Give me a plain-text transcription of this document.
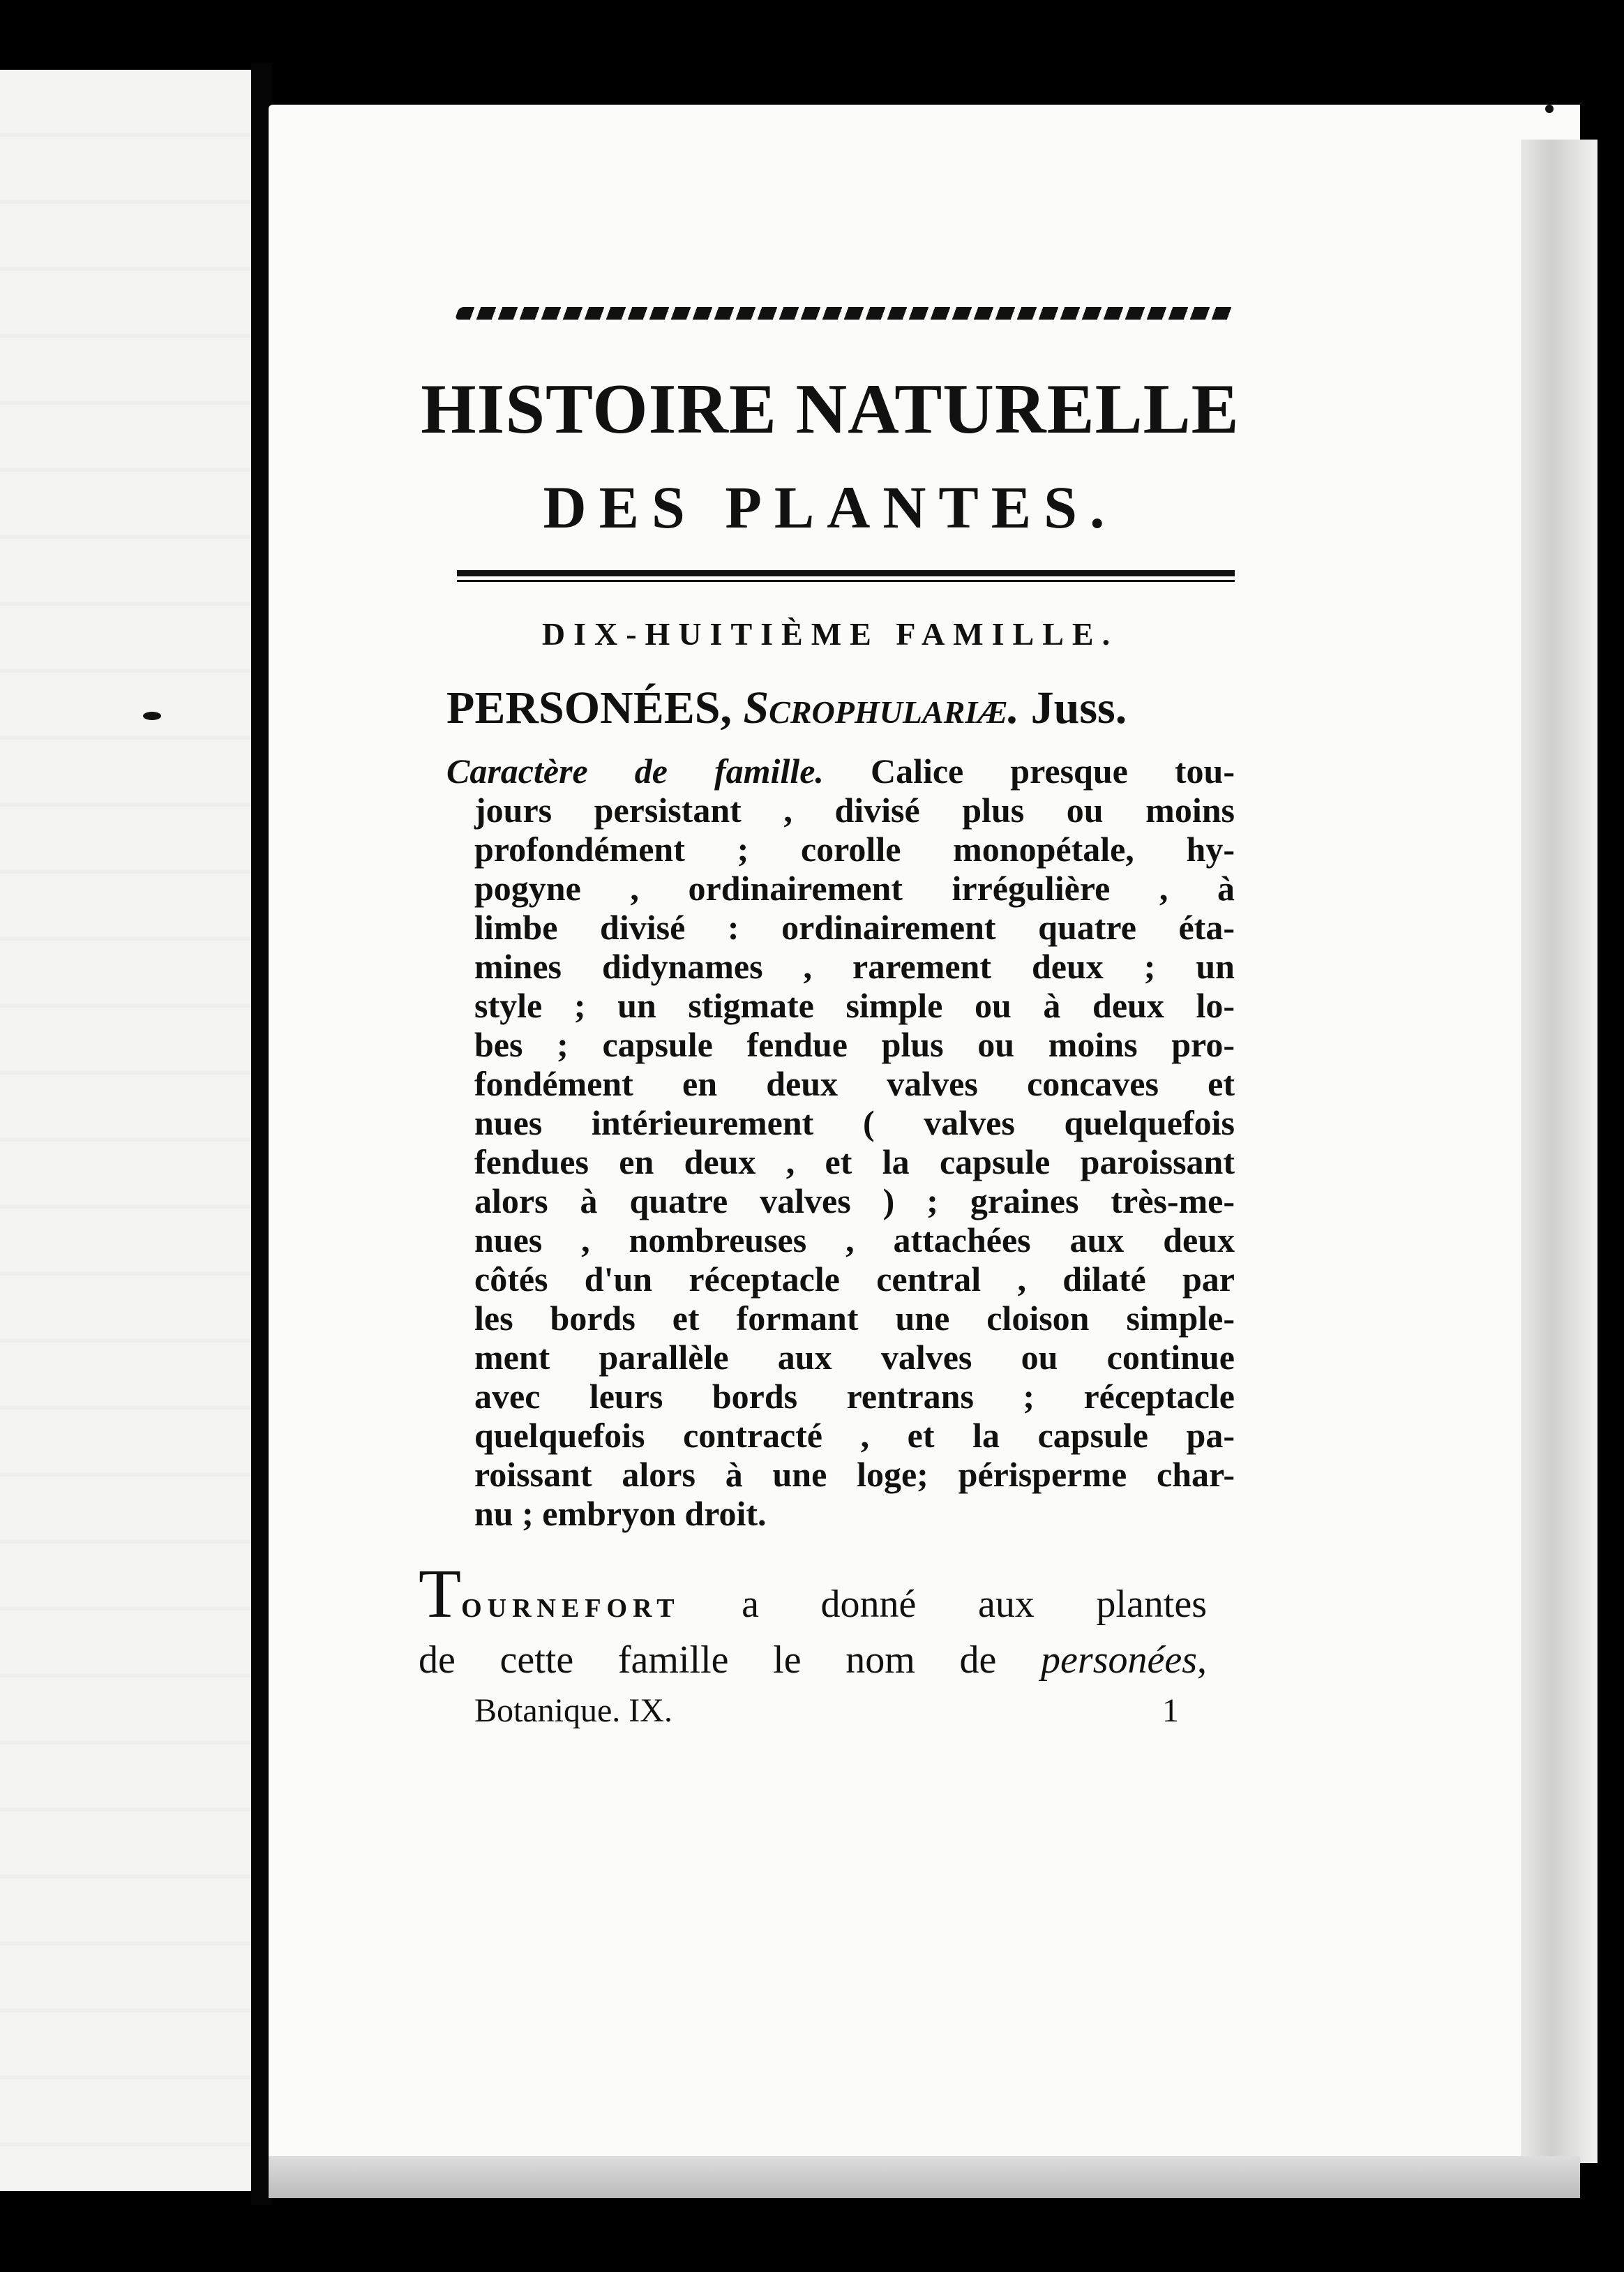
HISTOIRE NATURELLE
DES PLANTES.
DIX-HUITIÈME FAMILLE.
PERSONÉES, Scrophulariæ. Juss.
Caractère de famille. Calice presque tou-
jours persistant , divisé plus ou moins
profondément ; corolle monopétale, hy-
pogyne , ordinairement irrégulière , à
limbe divisé : ordinairement quatre éta-
mines didynames , rarement deux ; un
style ; un stigmate simple ou à deux lo-
bes ; capsule fendue plus ou moins pro-
fondément en deux valves concaves et
nues intérieurement ( valves quelquefois
fendues en deux , et la capsule paroissant
alors à quatre valves ) ; graines très-me-
nues , nombreuses , attachées aux deux
côtés d'un réceptacle central , dilaté par
les bords et formant une cloison simple-
ment parallèle aux valves ou continue
avec leurs bords rentrans ; réceptacle
quelquefois contracté , et la capsule pa-
roissant alors à une loge; périsperme char-
nu ; embryon droit.
TOURNEFORT a donné aux plantes
de cette famille le nom de personées,
Botanique. IX.	1
